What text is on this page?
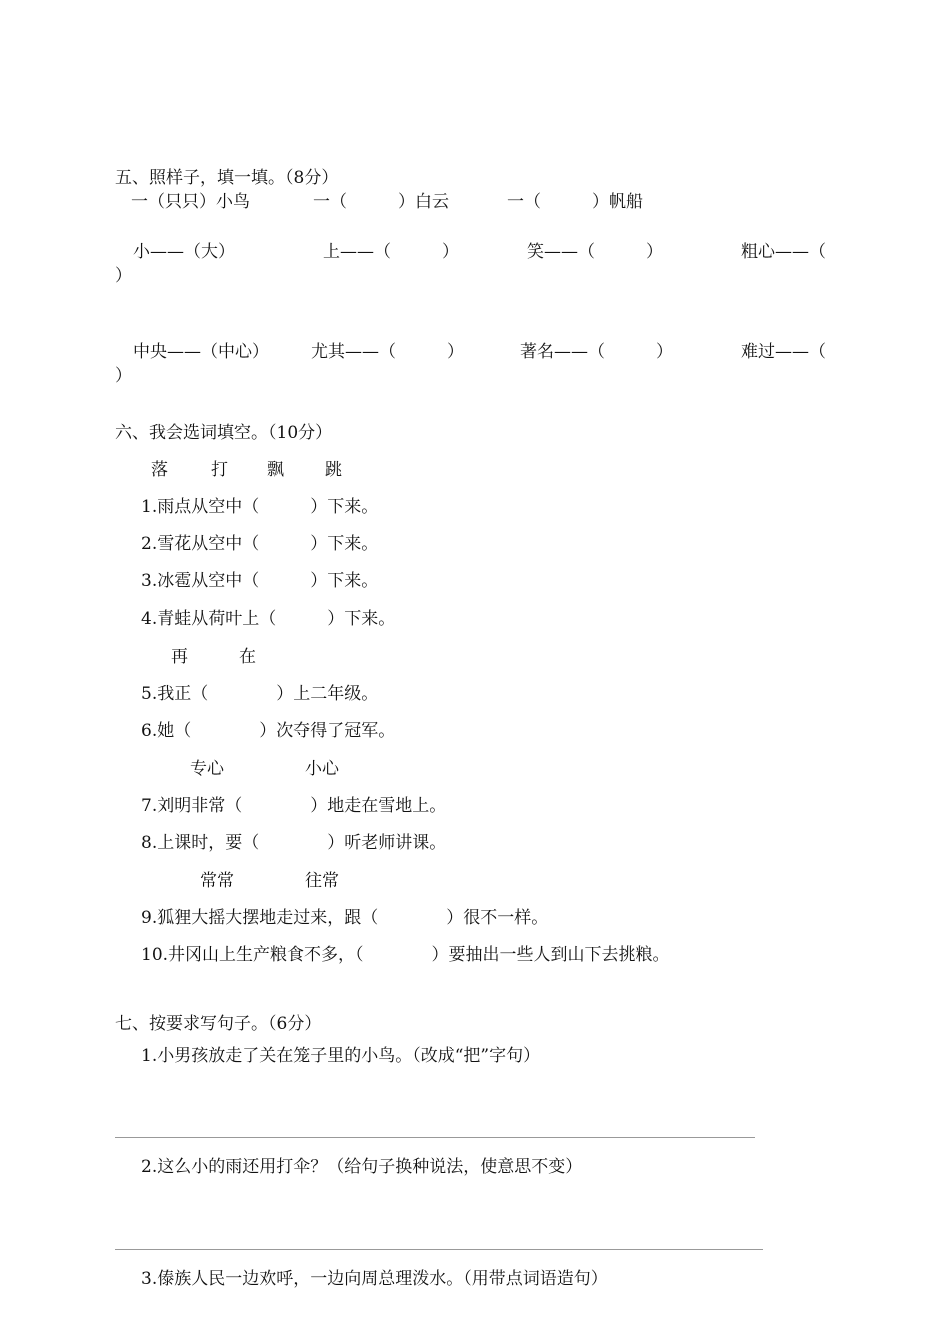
五、照样子，填一填。（8分）

一（只只）小鸟	一（　　　）白云	一（　　　）帆船

小——（大）	上——（　　　）	笑——（　　　）	粗心——（

）

中央——（中心） 尤其——（　　　）	著名——（　　　）	难过——（

）

六、我会选词填空。（10分）

落	打 飘 跳

1.雨点从空中（　　　）下来。

2.雪花从空中（　　　）下来。

3.冰雹从空中（　　　）下来。

4.青蛙从荷叶上（　　　）下来。

再	在

5.我正（　　　　）上二年级。

6.她（　　　　）次夺得了冠军。

专心	小心

7.刘明非常（　　　　）地走在雪地上。

8.上课时，要（　　　　）听老师讲课。

常常	往常

9.狐狸大摇大摆地走过来，跟（　　　　）很不一样。

10.井冈山上生产粮食不多，（　　　　）要抽出一些人到山下去挑粮。

七、按要求写句子。（6分）

1.小男孩放走了关在笼子里的小鸟。（改成“把”字句）

2.这么小的雨还用打伞？（给句子换种说法，使意思不变）

3.傣族人民一边欢呼，一边向周总理泼水。（用带点词语造句）
